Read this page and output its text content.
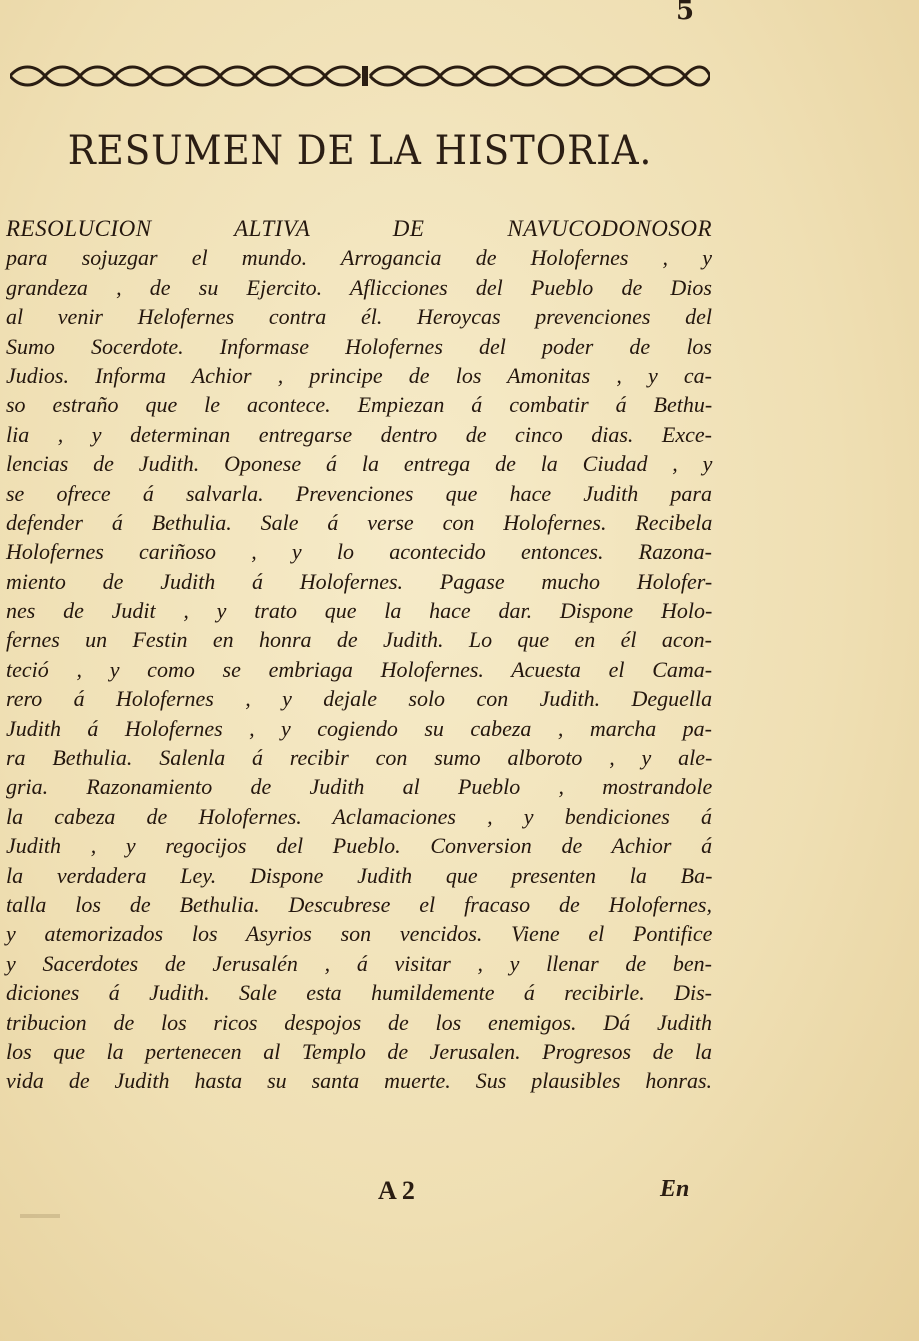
5
RESUMEN DE LA HISTORIA.
RESOLUCION ALTIVA DE NAVUCODONOSOR
para sojuzgar el mundo. Arrogancia de Holofernes , y
grandeza , de su Ejercito. Aflicciones del Pueblo de Dios
al venir Helofernes contra él. Heroycas prevenciones del
Sumo Socerdote. Informase Holofernes del poder de los
Judios. Informa Achior , principe de los Amonitas , y ca-
so estraño que le acontece. Empiezan á combatir á Bethu-
lia , y determinan entregarse dentro de cinco dias. Exce-
lencias de Judith. Oponese á la entrega de la Ciudad , y
se ofrece á salvarla. Prevenciones que hace Judith para
defender á Bethulia. Sale á verse con Holofernes. Recibela
Holofernes cariñoso , y lo acontecido entonces. Razona-
miento de Judith á Holofernes. Pagase mucho Holofer-
nes de Judit , y trato que la hace dar. Dispone Holo-
fernes un Festin en honra de Judith. Lo que en él acon-
teció , y como se embriaga Holofernes. Acuesta el Cama-
rero á Holofernes , y dejale solo con Judith. Deguella
Judith á Holofernes , y cogiendo su cabeza , marcha pa-
ra Bethulia. Salenla á recibir con sumo alboroto , y ale-
gria. Razonamiento de Judith al Pueblo , mostrandole
la cabeza de Holofernes. Aclamaciones , y bendiciones á
Judith , y regocijos del Pueblo. Conversion de Achior á
la verdadera Ley. Dispone Judith que presenten la Ba-
talla los de Bethulia. Descubrese el fracaso de Holofernes,
y atemorizados los Asyrios son vencidos. Viene el Pontifice
y Sacerdotes de Jerusalén , á visitar , y llenar de ben-
diciones á Judith. Sale esta humildemente á recibirle. Dis-
tribucion de los ricos despojos de los enemigos. Dá Judith
los que la pertenecen al Templo de Jerusalen. Progresos de la
vida de Judith hasta su santa muerte. Sus plausibles honras.
A 2	En
